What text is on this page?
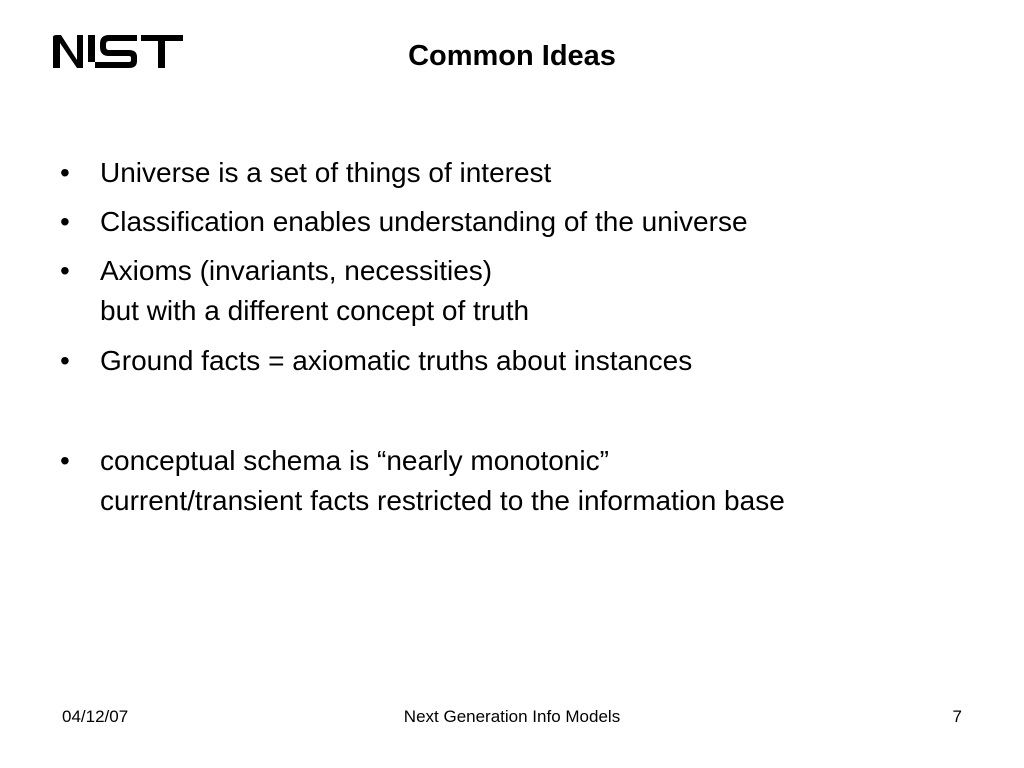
Common Ideas
• Universe is a set of things of interest
• Classification enables understanding of the universe
• Axioms (invariants, necessities)
but with a different concept of truth
• Ground facts = axiomatic truths about instances
• conceptual schema is “nearly monotonic”
current/transient facts restricted to the information base
04/12/07	Next Generation Info Models	7
